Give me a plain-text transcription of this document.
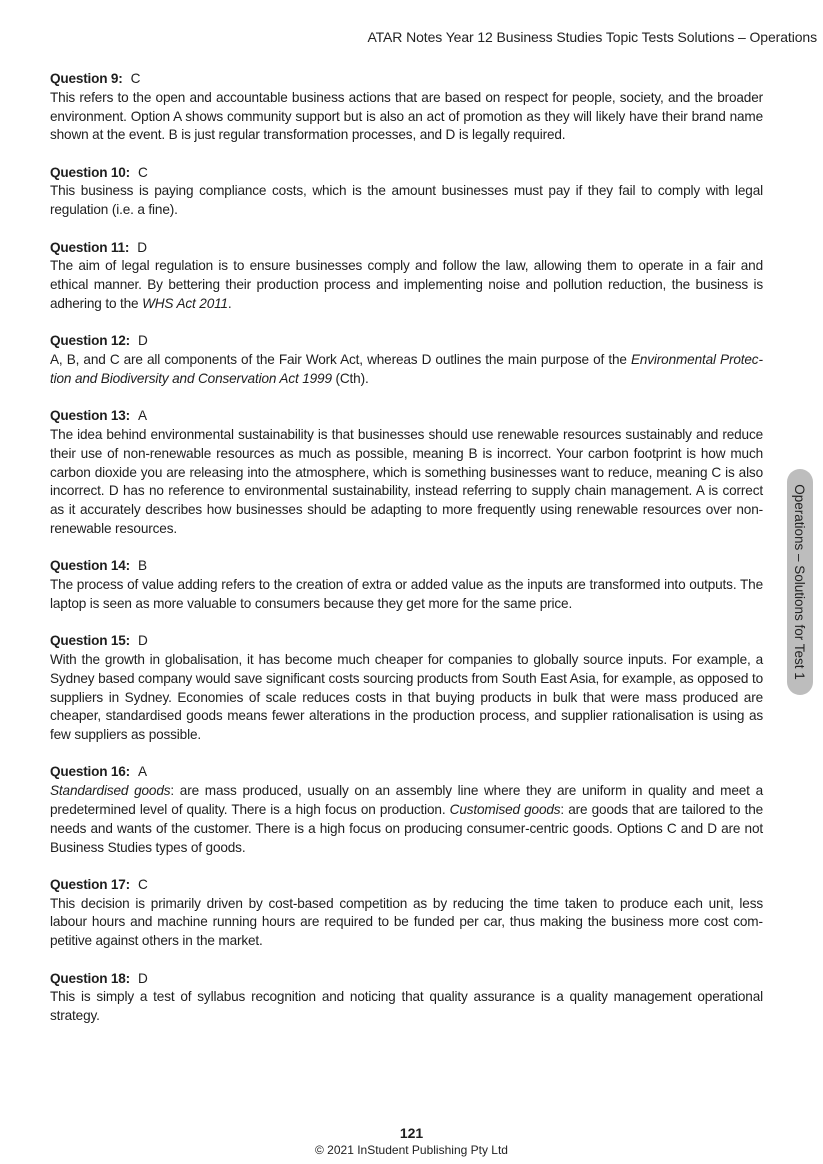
ATAR Notes Year 12 Business Studies Topic Tests Solutions – Operations
Question 9: C
This refers to the open and accountable business actions that are based on respect for people, society, and the broader environment. Option A shows community support but is also an act of promotion as they will likely have their brand name shown at the event. B is just regular transformation processes, and D is legally required.
Question 10: C
This business is paying compliance costs, which is the amount businesses must pay if they fail to comply with legal regulation (i.e. a fine).
Question 11: D
The aim of legal regulation is to ensure businesses comply and follow the law, allowing them to operate in a fair and ethical manner. By bettering their production process and implementing noise and pollution reduction, the business is adhering to the WHS Act 2011.
Question 12: D
A, B, and C are all components of the Fair Work Act, whereas D outlines the main purpose of the Environmental Protection and Biodiversity and Conservation Act 1999 (Cth).
Question 13: A
The idea behind environmental sustainability is that businesses should use renewable resources sustainably and reduce their use of non-renewable resources as much as possible, meaning B is incorrect. Your carbon footprint is how much carbon dioxide you are releasing into the atmosphere, which is something businesses want to reduce, meaning C is also incorrect. D has no reference to environmental sustainability, instead referring to supply chain management. A is correct as it accurately describes how businesses should be adapting to more frequently using renewable resources over non-renewable resources.
Question 14: B
The process of value adding refers to the creation of extra or added value as the inputs are transformed into outputs. The laptop is seen as more valuable to consumers because they get more for the same price.
Question 15: D
With the growth in globalisation, it has become much cheaper for companies to globally source inputs. For example, a Sydney based company would save significant costs sourcing products from South East Asia, for example, as opposed to suppliers in Sydney. Economies of scale reduces costs in that buying products in bulk that were mass produced are cheaper, standardised goods means fewer alterations in the production process, and supplier rationalisation is using as few suppliers as possible.
Question 16: A
Standardised goods: are mass produced, usually on an assembly line where they are uniform in quality and meet a predetermined level of quality. There is a high focus on production. Customised goods: are goods that are tailored to the needs and wants of the customer. There is a high focus on producing consumer-centric goods. Options C and D are not Business Studies types of goods.
Question 17: C
This decision is primarily driven by cost-based competition as by reducing the time taken to produce each unit, less labour hours and machine running hours are required to be funded per car, thus making the business more cost competitive against others in the market.
Question 18: D
This is simply a test of syllabus recognition and noticing that quality assurance is a quality management operational strategy.
Operations – Solutions for Test 1
121
© 2021 InStudent Publishing Pty Ltd
